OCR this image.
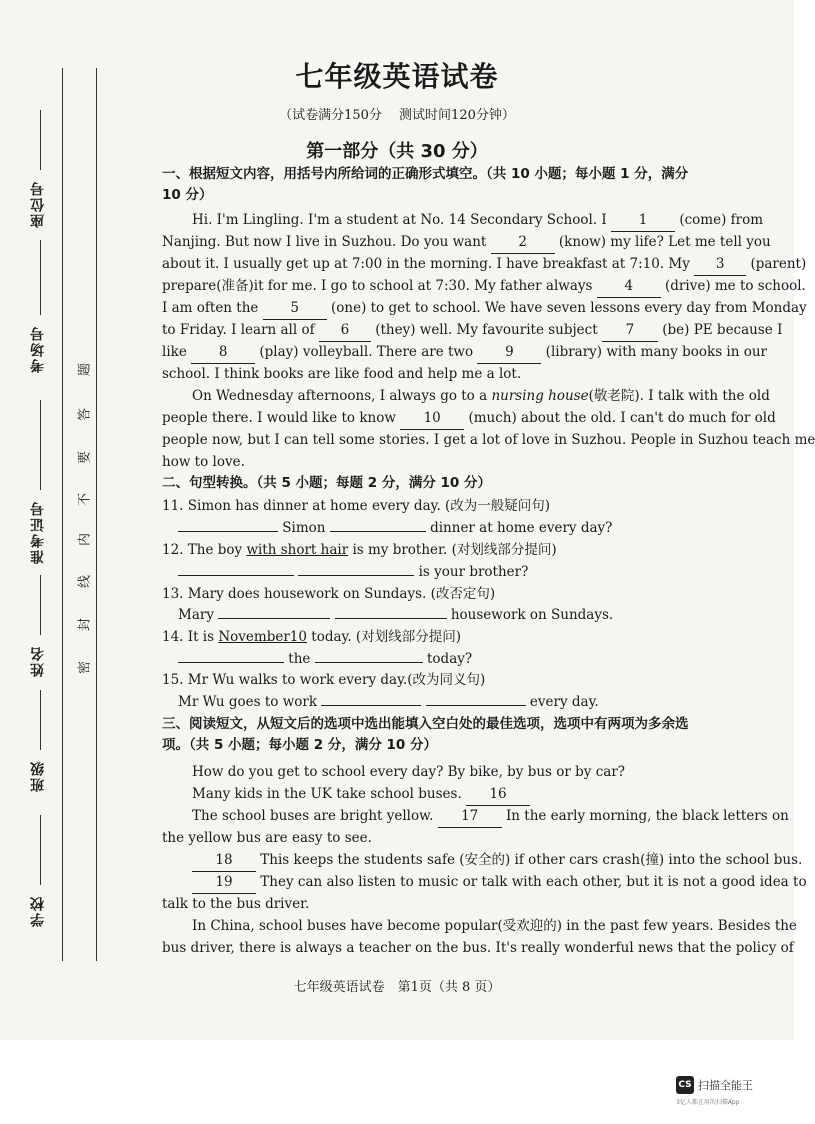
座位号
考场号
准考证号
姓名
班级
学校
题
答
要
不
内
线
封
密
七年级英语试卷
（试卷满分150分　 测试时间120分钟）
第一部分（共 30 分）
一、根据短文内容，用括号内所给词的正确形式填空。（共 10 小题；每小题 1 分，满分
10 分）
Hi. I'm Lingling. I'm a student at No. 14 Secondary School. I 1 (come) from
Nanjing. But now I live in Suzhou. Do you want 2 (know) my life? Let me tell you
about it. I usually get up at 7:00 in the morning. I have breakfast at 7:10. My 3 (parent)
prepare(准备)it for me. I go to school at 7:30. My father always 4 (drive) me to school.
I am often the 5 (one) to get to school. We have seven lessons every day from Monday
to Friday. I learn all of 6 (they) well. My favourite subject 7 (be) PE because I
like 8 (play) volleyball. There are two 9 (library) with many books in our
school. I think books are like food and help me a lot.
On Wednesday afternoons, I always go to a nursing house(敬老院). I talk with the old
people there. I would like to know 10 (much) about the old. I can't do much for old
people now, but I can tell some stories. I get a lot of love in Suzhou. People in Suzhou teach me
how to love.
二、句型转换。（共 5 小题；每题 2 分，满分 10 分）
11. Simon has dinner at home every day. (改为一般疑问句)
Simon	dinner at home every day?
12. The boy with short hair is my brother. (对划线部分提问)
is your brother?
13. Mary does housework on Sundays. (改否定句)
Mary	housework on Sundays.
14. It is November10 today. (对划线部分提问)
the	today?
15. Mr Wu walks to work every day.(改为同义句)
Mr Wu goes to work	every day.
三、阅读短文，从短文后的选项中选出能填入空白处的最佳选项，选项中有两项为多余选
项。（共 5 小题；每小题 2 分，满分 10 分）
How do you get to school every day? By bike, by bus or by car?
Many kids in the UK take school buses. 16
The school buses are bright yellow. 17 In the early morning, the black letters on
the yellow bus are easy to see.
18 This keeps the students safe (安全的) if other cars crash(撞) into the school bus.
19 They can also listen to music or talk with each other, but it is not a good idea to
talk to the bus driver.
In China, school buses have become popular(受欢迎的) in the past few years. Besides the
bus driver, there is always a teacher on the bus. It's really wonderful news that the policy of
七年级英语试卷　第1页（共 8 页）
CS 扫描全能王
3亿人都在用的扫描App
